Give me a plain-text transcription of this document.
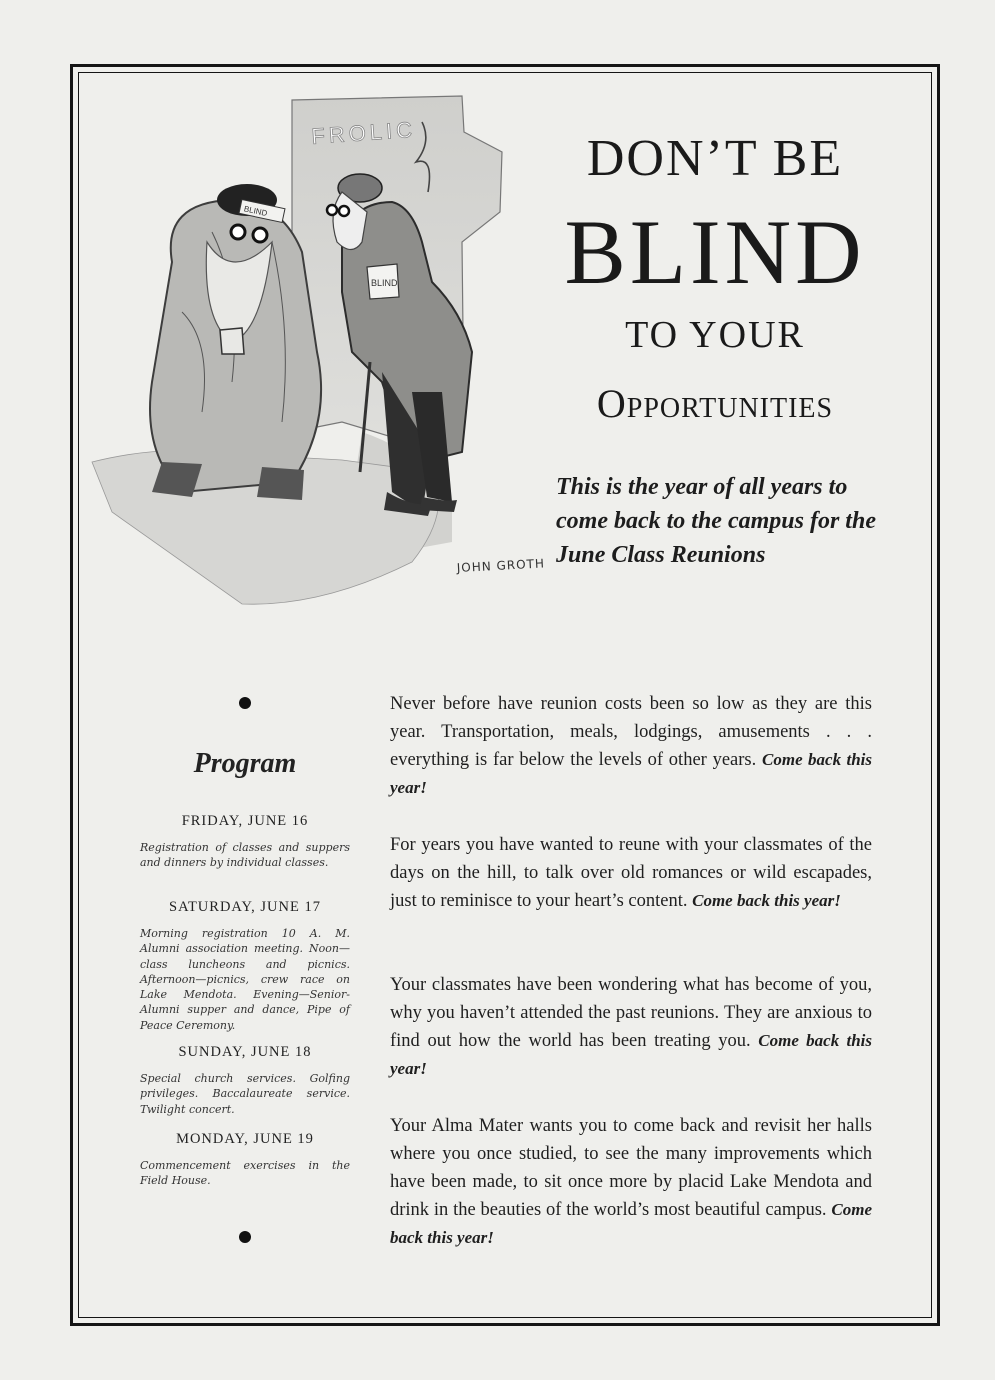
FROLIC
BLIND
BLIND
JOHN GROTH
DON’T BE
BLIND
TO YOUR
Opportunities
This is the year of all years to come back to the campus for the June Class Reunions
Program
FRIDAY, JUNE 16
Registration of classes and suppers and dinners by individual classes.
SATURDAY, JUNE 17
Morning registration 10 A. M. Alumni association meeting. Noon—class luncheons and picnics. Afternoon—picnics, crew race on Lake Mendota. Evening—Senior-Alumni supper and dance, Pipe of Peace Ceremony.
SUNDAY, JUNE 18
Special church services. Golfing privileges. Baccalaureate service. Twilight concert.
MONDAY, JUNE 19
Commencement exercises in the Field House.
Never before have reunion costs been so low as they are this year. Transportation, meals, lodgings, amusements . . . everything is far below the levels of other years. Come back this year!
For years you have wanted to reune with your classmates of the days on the hill, to talk over old romances or wild escapades, just to reminisce to your heart’s content. Come back this year!
Your classmates have been wondering what has become of you, why you haven’t attended the past reunions. They are anxious to find out how the world has been treating you. Come back this year!
Your Alma Mater wants you to come back and revisit her halls where you once studied, to see the many improvements which have been made, to sit once more by placid Lake Mendota and drink in the beauties of the world’s most beautiful campus. Come back this year!
